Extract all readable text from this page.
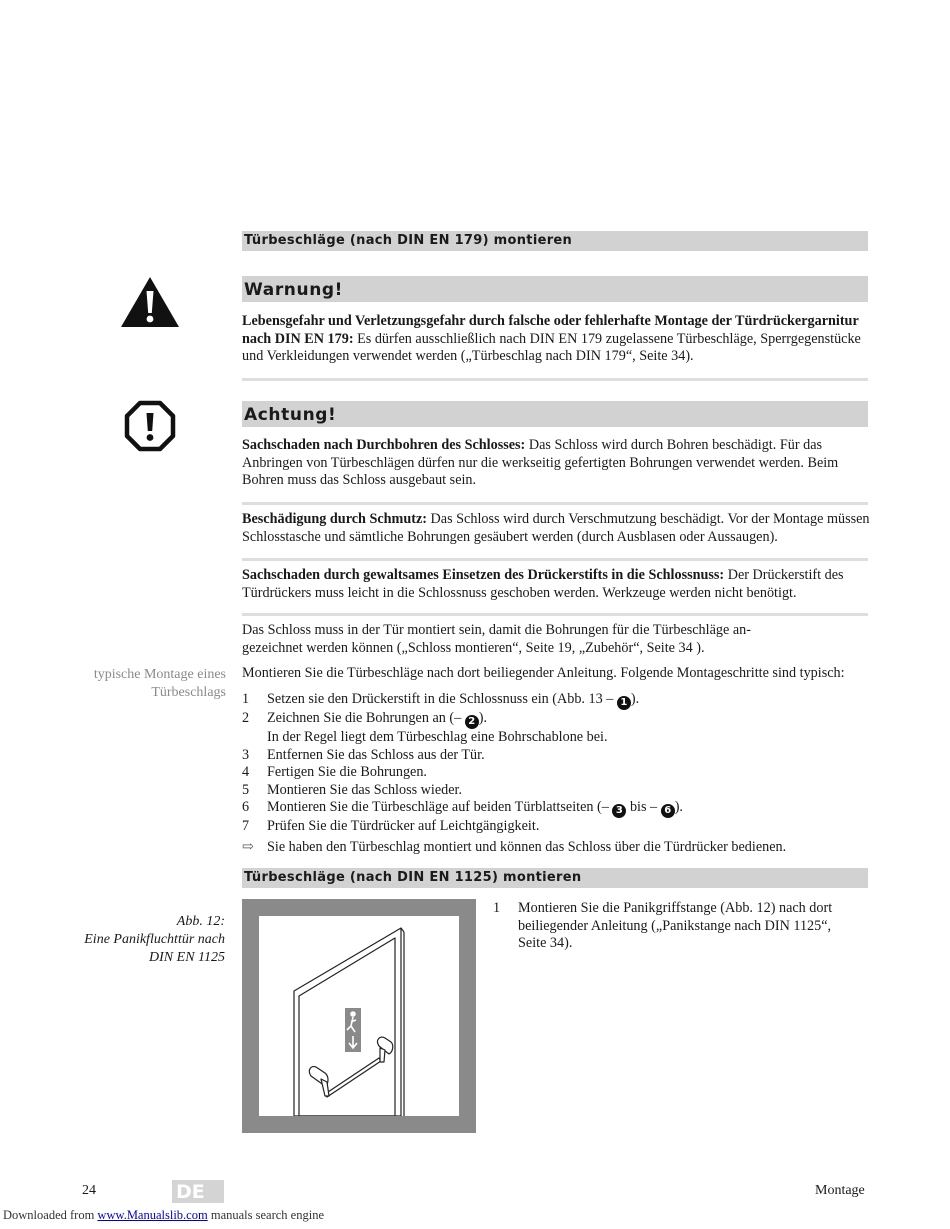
Türbeschläge (nach DIN EN 179) montieren
Warnung!
Lebensgefahr und Verletzungsgefahr durch falsche oder fehlerhafte Montage der Türdrückergarnitur nach DIN EN 179: Es dürfen ausschließlich nach DIN EN 179 zugelassene Türbeschläge, Sperrgegenstücke und Verkleidungen verwendet werden („Türbeschlag nach DIN 179“, Seite 34).
Achtung!
Sachschaden nach Durchbohren des Schlosses: Das Schloss wird durch Bohren beschädigt. Für das Anbringen von Türbeschlägen dürfen nur die werkseitig gefertigten Bohrungen verwendet werden. Beim Bohren muss das Schloss ausgebaut sein.
Beschädigung durch Schmutz: Das Schloss wird durch Verschmutzung beschädigt. Vor der Montage müssen Schlosstasche und sämtliche Bohrungen gesäubert werden (durch Ausblasen oder Aussaugen).
Sachschaden durch gewaltsames Einsetzen des Drückerstifts in die Schlossnuss: Der Drückerstift des Türdrückers muss leicht in die Schlossnuss geschoben werden. Werkzeuge werden nicht benötigt.
Das Schloss muss in der Tür montiert sein, damit die Bohrungen für die Türbeschläge an-
gezeichnet werden können („Schloss montieren“, Seite 19, „Zubehör“, Seite 34 ).
typische Montage eines
Türbeschlags
Montieren Sie die Türbeschläge nach dort beiliegender Anleitung. Folgende Montageschritte sind typisch:
1	Setzen sie den Drückerstift in die Schlossnuss ein (Abb. 13 – 1 ).
2	Zeichnen Sie die Bohrungen an (– 2 ).
In der Regel liegt dem Türbeschlag eine Bohrschablone bei.
3	Entfernen Sie das Schloss aus der Tür.
4	Fertigen Sie die Bohrungen.
5	Montieren Sie das Schloss wieder.
6	Montieren Sie die Türbeschläge auf beiden Türblattseiten (– 3 bis – 6 ).
7	Prüfen Sie die Türdrücker auf Leichtgängigkeit.
⇨ Sie haben den Türbeschlag montiert und können das Schloss über die Türdrücker bedienen.
Türbeschläge (nach DIN EN 1125) montieren
Abb. 12:
Eine Panikfluchttür nach
DIN EN 1125
1	Montieren Sie die Panikgriffstange (Abb. 12) nach dort
beiliegender Anleitung („Panikstange nach DIN 1125“,
Seite 34).
24	DE	Montage
Downloaded from www.Manualslib.com manuals search engine
